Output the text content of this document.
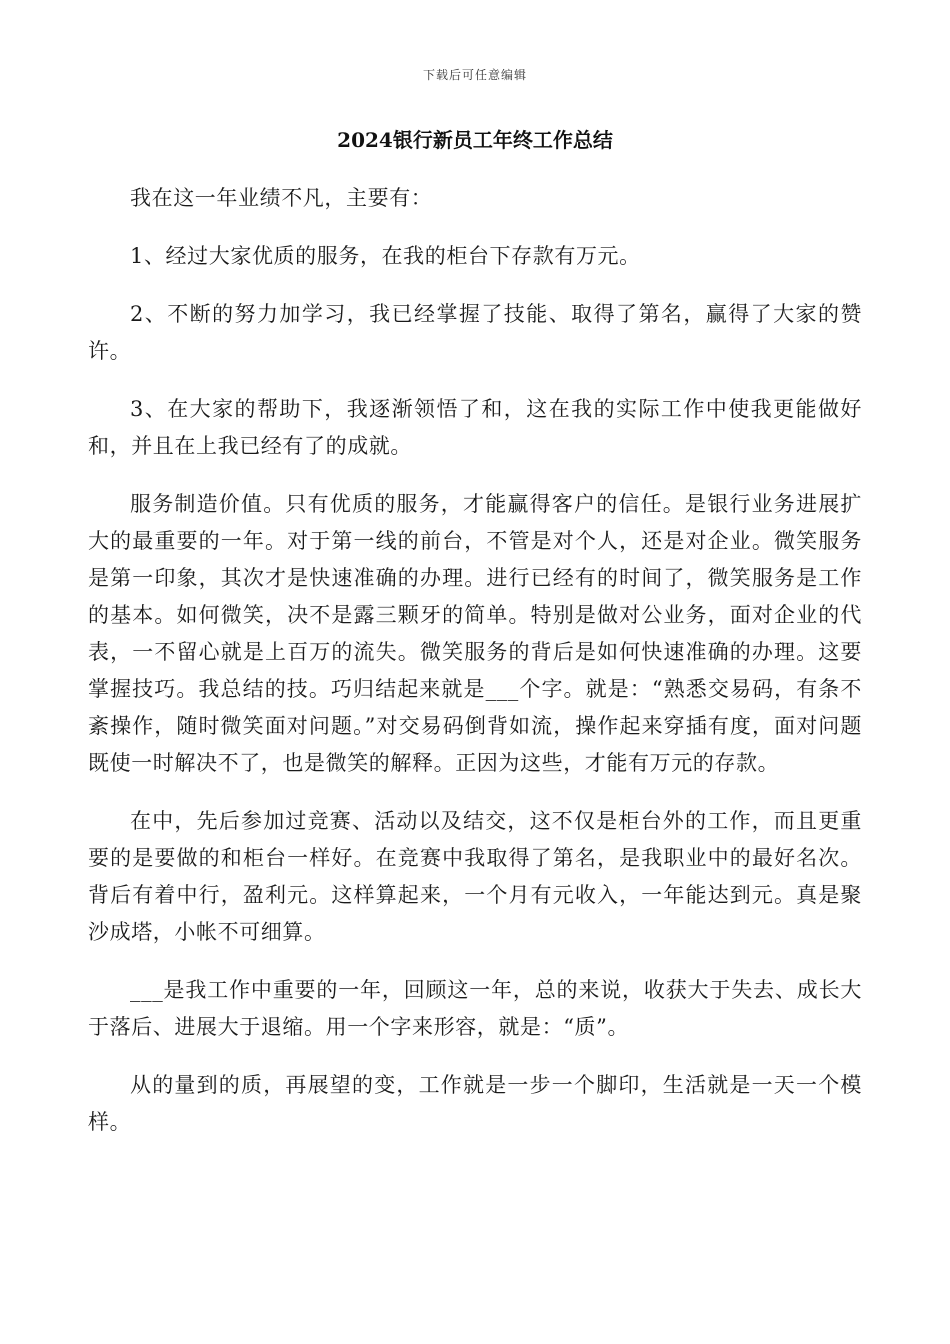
下载后可任意编辑
2024银行新员工年终工作总结

我在这一年业绩不凡，主要有：

1、经过大家优质的服务，在我的柜台下存款有万元。

2、不断的努力加学习，我已经掌握了技能、取得了第名，赢得了大家的赞许。

3、在大家的帮助下，我逐渐领悟了和，这在我的实际工作中使我更能做好和，并且在上我已经有了的成就。

服务制造价值。只有优质的服务，才能赢得客户的信任。是银行业务进展扩大的最重要的一年。对于第一线的前台，不管是对个人，还是对企业。微笑服务是第一印象，其次才是快速准确的办理。进行已经有的时间了，微笑服务是工作的基本。如何微笑，决不是露三颗牙的简单。特别是做对公业务，面对企业的代表，一不留心就是上百万的流失。微笑服务的背后是如何快速准确的办理。这要掌握技巧。我总结的技。巧归结起来就是___个字。就是：“熟悉交易码，有条不紊操作，随时微笑面对问题。”对交易码倒背如流，操作起来穿插有度，面对问题既使一时解决不了，也是微笑的解释。正因为这些，才能有万元的存款。

在中，先后参加过竞赛、活动以及结交，这不仅是柜台外的工作，而且更重要的是要做的和柜台一样好。在竞赛中我取得了第名，是我职业中的最好名次。背后有着中行，盈利元。这样算起来，一个月有元收入，一年能达到元。真是聚沙成塔，小帐不可细算。

___是我工作中重要的一年，回顾这一年，总的来说，收获大于失去、成长大于落后、进展大于退缩。用一个字来形容，就是：“质”。

从的量到的质，再展望的变，工作就是一步一个脚印，生活就是一天一个模样。
